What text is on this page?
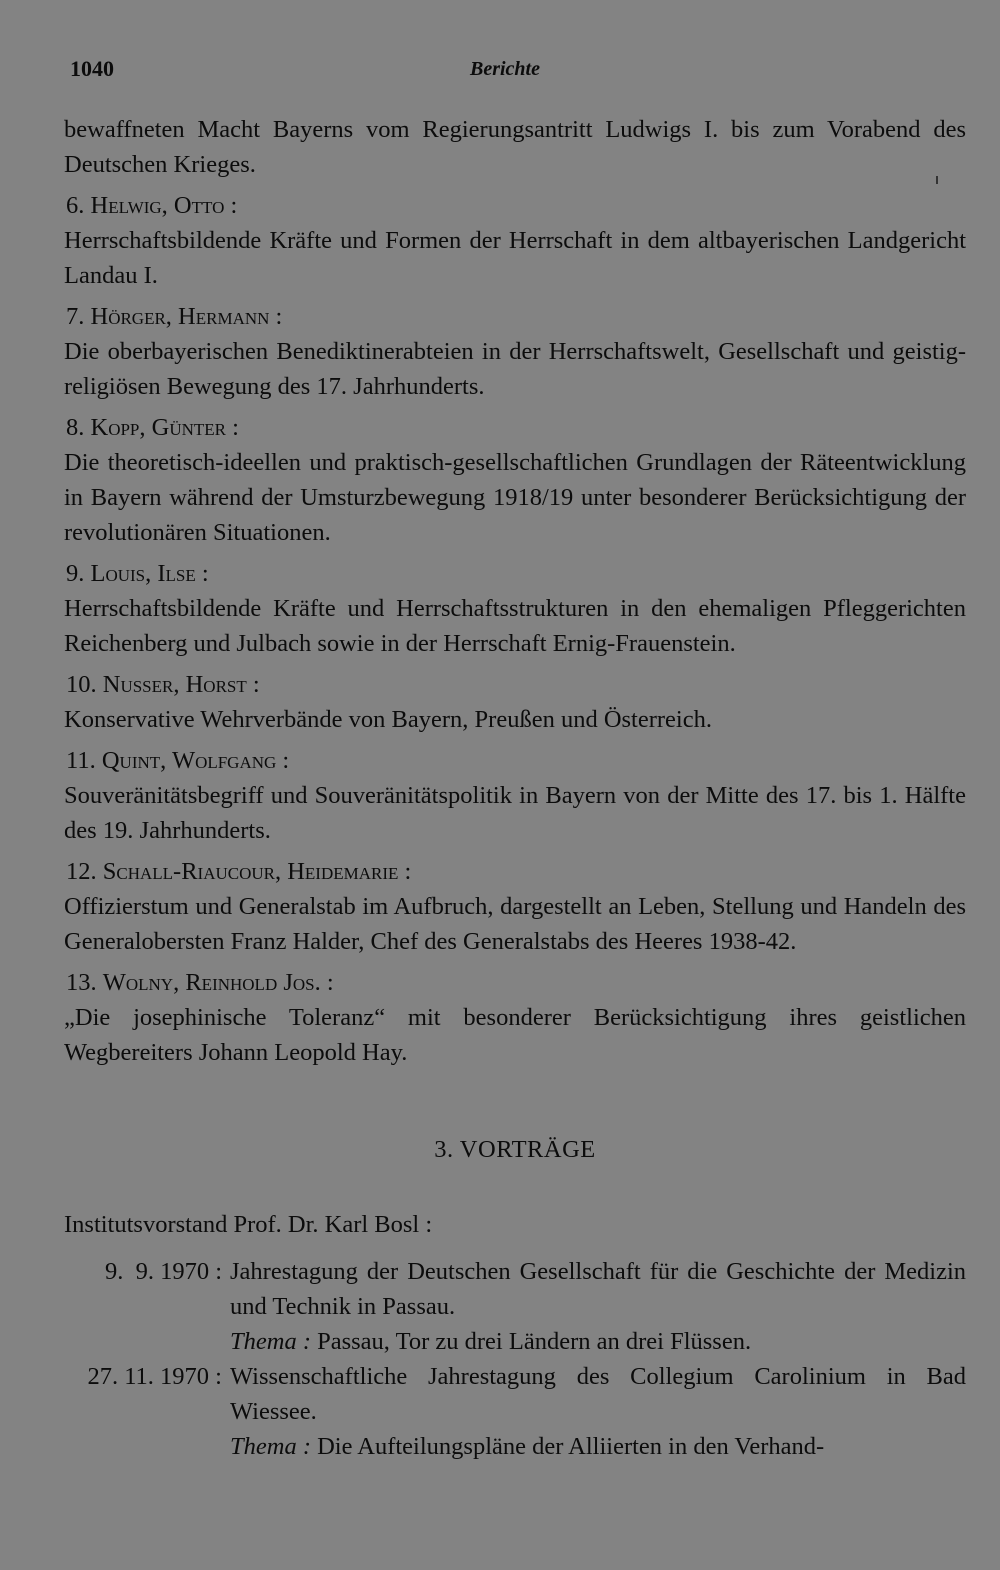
1040	Berichte

bewaffneten Macht Bayerns vom Regierungsantritt Ludwigs I. bis zum Vorabend des Deutschen Krieges.

6. Helwig, Otto :

Herrschaftsbildende Kräfte und Formen der Herrschaft in dem altbayerischen Landgericht Landau I.

7. Hörger, Hermann :

Die oberbayerischen Benediktinerabteien in der Herrschaftswelt, Gesellschaft und geistig-religiösen Bewegung des 17. Jahrhunderts.

8. Kopp, Günter :

Die theoretisch-ideellen und praktisch-gesellschaftlichen Grundlagen der Räteentwicklung in Bayern während der Umsturzbewegung 1918/19 unter besonderer Berücksichtigung der revolutionären Situationen.

9. Louis, Ilse :

Herrschaftsbildende Kräfte und Herrschaftsstrukturen in den ehemaligen Pfleggerichten Reichenberg und Julbach sowie in der Herrschaft Ernig-Frauenstein.

10. Nusser, Horst :

Konservative Wehrverbände von Bayern, Preußen und Österreich.

11. Quint, Wolfgang :

Souveränitätsbegriff und Souveränitätspolitik in Bayern von der Mitte des 17. bis 1. Hälfte des 19. Jahrhunderts.

12. Schall-Riaucour, Heidemarie :

Offizierstum und Generalstab im Aufbruch, dargestellt an Leben, Stellung und Handeln des Generalobersten Franz Halder, Chef des Generalstabs des Heeres 1938-42.

13. Wolny, Reinhold Jos. :

„Die josephinische Toleranz“ mit besonderer Berücksichtigung ihres geistlichen Wegbereiters Johann Leopold Hay.

3. VORTRÄGE
Institutsvorstand Prof. Dr. Karl Bosl :
9.  9. 1970 : Jahrestagung der Deutschen Gesellschaft für die Geschichte der Medizin und Technik in Passau.
Thema : Passau, Tor zu drei Ländern an drei Flüssen.
27. 11. 1970 : Wissenschaftliche Jahrestagung des Collegium Carolinium in Bad Wiessee.
Thema : Die Aufteilungspläne der Alliierten in den Verhand-
